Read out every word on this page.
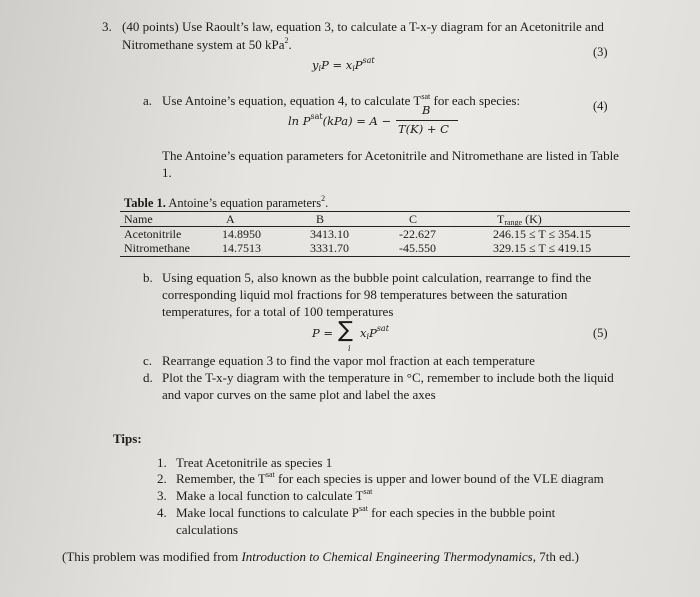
3. (40 points) Use Raoult’s law, equation 3, to calculate a T-x-y diagram for an Acetonitrile and
Nitromethane system at 50 kPa$^2$.
$y_iP = x_iP^{sat}$
(3)
a. Use Antoine’s equation, equation 4, to calculate $T^{sat}$ for each species:
$\ln P^{sat}(kPa) = A$ −
B
T(K) + C
(4)
The Antoine’s equation parameters for Acetonitrile and Nitromethane are listed in Table
1.
Table 1. Antoine’s equation parameters$^2$.
Name	A	B	C	$T_{range}$ (K)
Acetonitrile	14.8950	3413.10	-22.627	246.15 ≤ T ≤ 354.15
Nitromethane	14.7513	3331.70	-45.550	329.15 ≤ T ≤ 419.15
b. Using equation 5, also known as the bubble point calculation, rearrange to find the
corresponding liquid mol fractions for 98 temperatures between the saturation
temperatures, for a total of 100 temperatures
P = ∑
i
$x_iP^{sat}$	(5)
c. Rearrange equation 3 to find the vapor mol fraction at each temperature
d. Plot the T-x-y diagram with the temperature in °C, remember to include both the liquid
and vapor curves on the same plot and label the axes
Tips:
1. Treat Acetonitrile as species 1
2. Remember, the $T^{sat}$ for each species is upper and lower bound of the VLE diagram
3. Make a local function to calculate $T^{sat}$
4. Make local functions to calculate $P^{sat}$ for each species in the bubble point
calculations
(This problem was modified from Introduction to Chemical Engineering Thermodynamics, 7th ed.)
